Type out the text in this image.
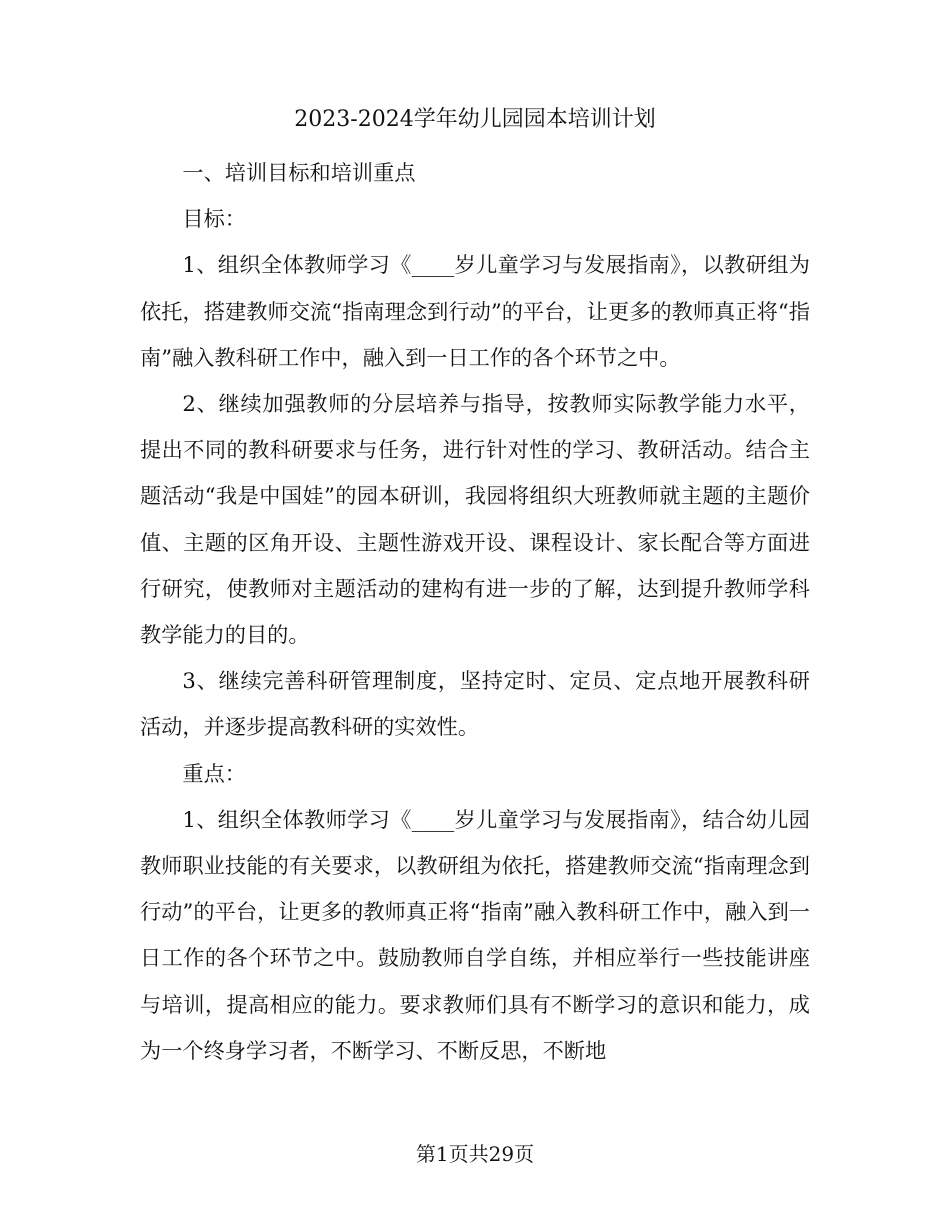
2023-2024学年幼儿园园本培训计划

一、培训目标和培训重点

目标：

1、组织全体教师学习《____岁儿童学习与发展指南》，以教研组为依托，搭建教师交流“指南理念到行动”的平台，让更多的教师真正将“指南”融入教科研工作中，融入到一日工作的各个环节之中。

2、继续加强教师的分层培养与指导，按教师实际教学能力水平，提出不同的教科研要求与任务，进行针对性的学习、教研活动。结合主题活动“我是中国娃”的园本研训，我园将组织大班教师就主题的主题价值、主题的区角开设、主题性游戏开设、课程设计、家长配合等方面进行研究，使教师对主题活动的建构有进一步的了解，达到提升教师学科教学能力的目的。

3、继续完善科研管理制度，坚持定时、定员、定点地开展教科研活动，并逐步提高教科研的实效性。

重点：

1、组织全体教师学习《____岁儿童学习与发展指南》，结合幼儿园教师职业技能的有关要求，以教研组为依托，搭建教师交流“指南理念到行动”的平台，让更多的教师真正将“指南”融入教科研工作中，融入到一日工作的各个环节之中。鼓励教师自学自练，并相应举行一些技能讲座与培训，提高相应的能力。要求教师们具有不断学习的意识和能力，成为一个终身学习者，不断学习、不断反思，不断地

第1页共29页
